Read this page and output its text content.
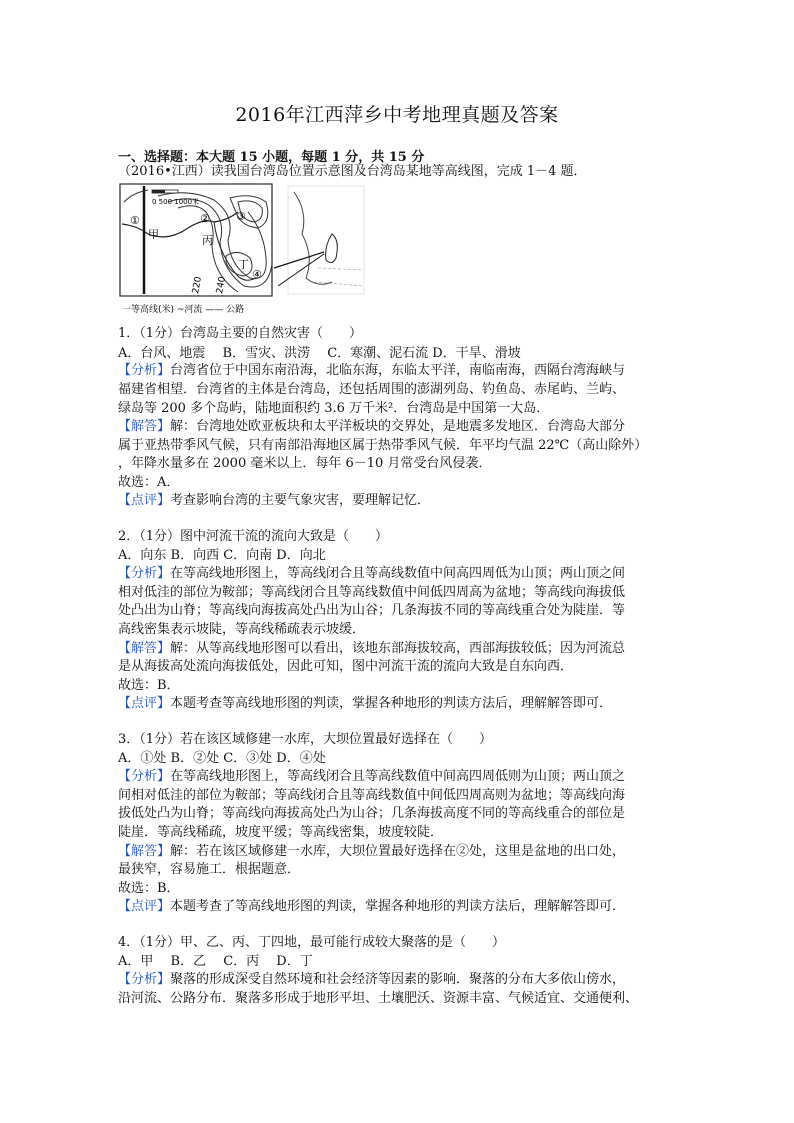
2016年江西萍乡中考地理真题及答案
一、选择题：本大题 15 小题，每题 1 分，共 15 分
（2016•江西）读我国台湾岛位置示意图及台湾岛某地等高线图，完成 1－4 题．
①	② ③
④
甲	丙
丁
240
220
0 500 1000米
一等高线(米) ~河流 —— 公路
1．（1分）台湾岛主要的自然灾害（　　）
A．台风、地震　 B．雪灾、洪涝　 C．寒潮、泥石流 D．干旱、滑坡
【分析】台湾省位于中国东南沿海，北临东海，东临太平洋，南临南海，西隔台湾海峡与
福建省相望．台湾省的主体是台湾岛，还包括周围的澎湖列岛、钓鱼岛、赤尾屿、兰屿、
绿岛等 200 多个岛屿，陆地面积约 3.6 万千米²．台湾岛是中国第一大岛．
【解答】解：台湾地处欧亚板块和太平洋板块的交界处，是地震多发地区．台湾岛大部分
属于亚热带季风气候，只有南部沿海地区属于热带季风气候．年平均气温 22℃（高山除外）
，年降水量多在 2000 毫米以上．每年 6－10 月常受台风侵袭．
故选：A．
【点评】考查影响台湾的主要气象灾害，要理解记忆．
2．（1分）图中河流干流的流向大致是（　　）
A．向东 B．向西 C．向南 D．向北
【分析】在等高线地形图上，等高线闭合且等高线数值中间高四周低为山顶；两山顶之间
相对低洼的部位为鞍部；等高线闭合且等高线数值中间低四周高为盆地；等高线向海拔低
处凸出为山脊；等高线向海拔高处凸出为山谷；几条海拔不同的等高线重合处为陡崖．等
高线密集表示坡陡，等高线稀疏表示坡缓．
【解答】解：从等高线地形图可以看出，该地东部海拔较高，西部海拔较低；因为河流总
是从海拔高处流向海拔低处，因此可知，图中河流干流的流向大致是自东向西．
故选：B．
【点评】本题考查等高线地形图的判读，掌握各种地形的判读方法后，理解解答即可．
3．（1分）若在该区域修建一水库，大坝位置最好选择在（　　）
A．①处 B．②处 C．③处 D．④处
【分析】在等高线地形图上，等高线闭合且等高线数值中间高四周低则为山顶；两山顶之
间相对低洼的部位为鞍部；等高线闭合且等高线数值中间低四周高则为盆地；等高线向海
拔低处凸为山脊；等高线向海拔高处凸为山谷；几条海拔高度不同的等高线重合的部位是
陡崖．等高线稀疏，坡度平缓；等高线密集，坡度较陡．
【解答】解：若在该区域修建一水库，大坝位置最好选择在②处，这里是盆地的出口处，
最狭窄，容易施工．根据题意．
故选：B．
【点评】本题考查了等高线地形图的判读，掌握各种地形的判读方法后，理解解答即可．
4．（1分）甲、乙、丙、丁四地，最可能行成较大聚落的是（　　）
A．甲　 B．乙　 C．丙　 D．丁
【分析】聚落的形成深受自然环境和社会经济等因素的影响．聚落的分布大多依山傍水，
沿河流、公路分布．聚落多形成于地形平坦、土壤肥沃、资源丰富、气候适宜、交通便利、
